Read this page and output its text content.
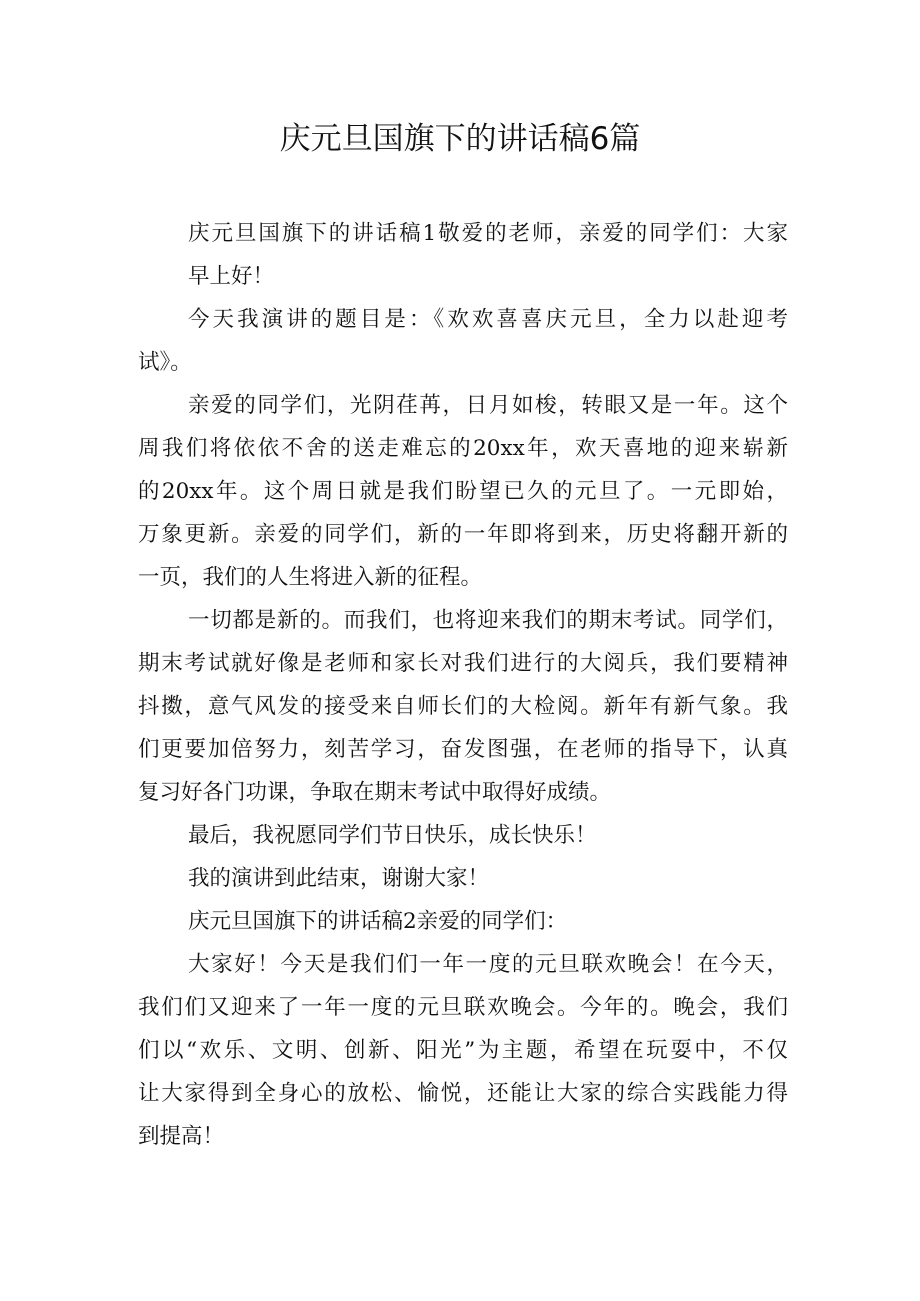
庆元旦国旗下的讲话稿6篇
庆元旦国旗下的讲话稿1敬爱的老师，亲爱的同学们：大家
早上好！
今天我演讲的题目是：《欢欢喜喜庆元旦，全力以赴迎考
试》。
亲爱的同学们，光阴荏苒，日月如梭，转眼又是一年。这个
周我们将依依不舍的送走难忘的20xx年，欢天喜地的迎来崭新
的20xx年。这个周日就是我们盼望已久的元旦了。一元即始，
万象更新。亲爱的同学们，新的一年即将到来，历史将翻开新的
一页，我们的人生将进入新的征程。
一切都是新的。而我们，也将迎来我们的期末考试。同学们，
期末考试就好像是老师和家长对我们进行的大阅兵，我们要精神
抖擞，意气风发的接受来自师长们的大检阅。新年有新气象。我
们更要加倍努力，刻苦学习，奋发图强，在老师的指导下，认真
复习好各门功课，争取在期末考试中取得好成绩。
最后，我祝愿同学们节日快乐，成长快乐！
我的演讲到此结束，谢谢大家！
庆元旦国旗下的讲话稿2亲爱的同学们：
大家好！今天是我们们一年一度的元旦联欢晚会！在今天，
我们们又迎来了一年一度的元旦联欢晚会。今年的。晚会，我们
们以“欢乐、文明、创新、阳光”为主题，希望在玩耍中，不仅
让大家得到全身心的放松、愉悦，还能让大家的综合实践能力得
到提高！
